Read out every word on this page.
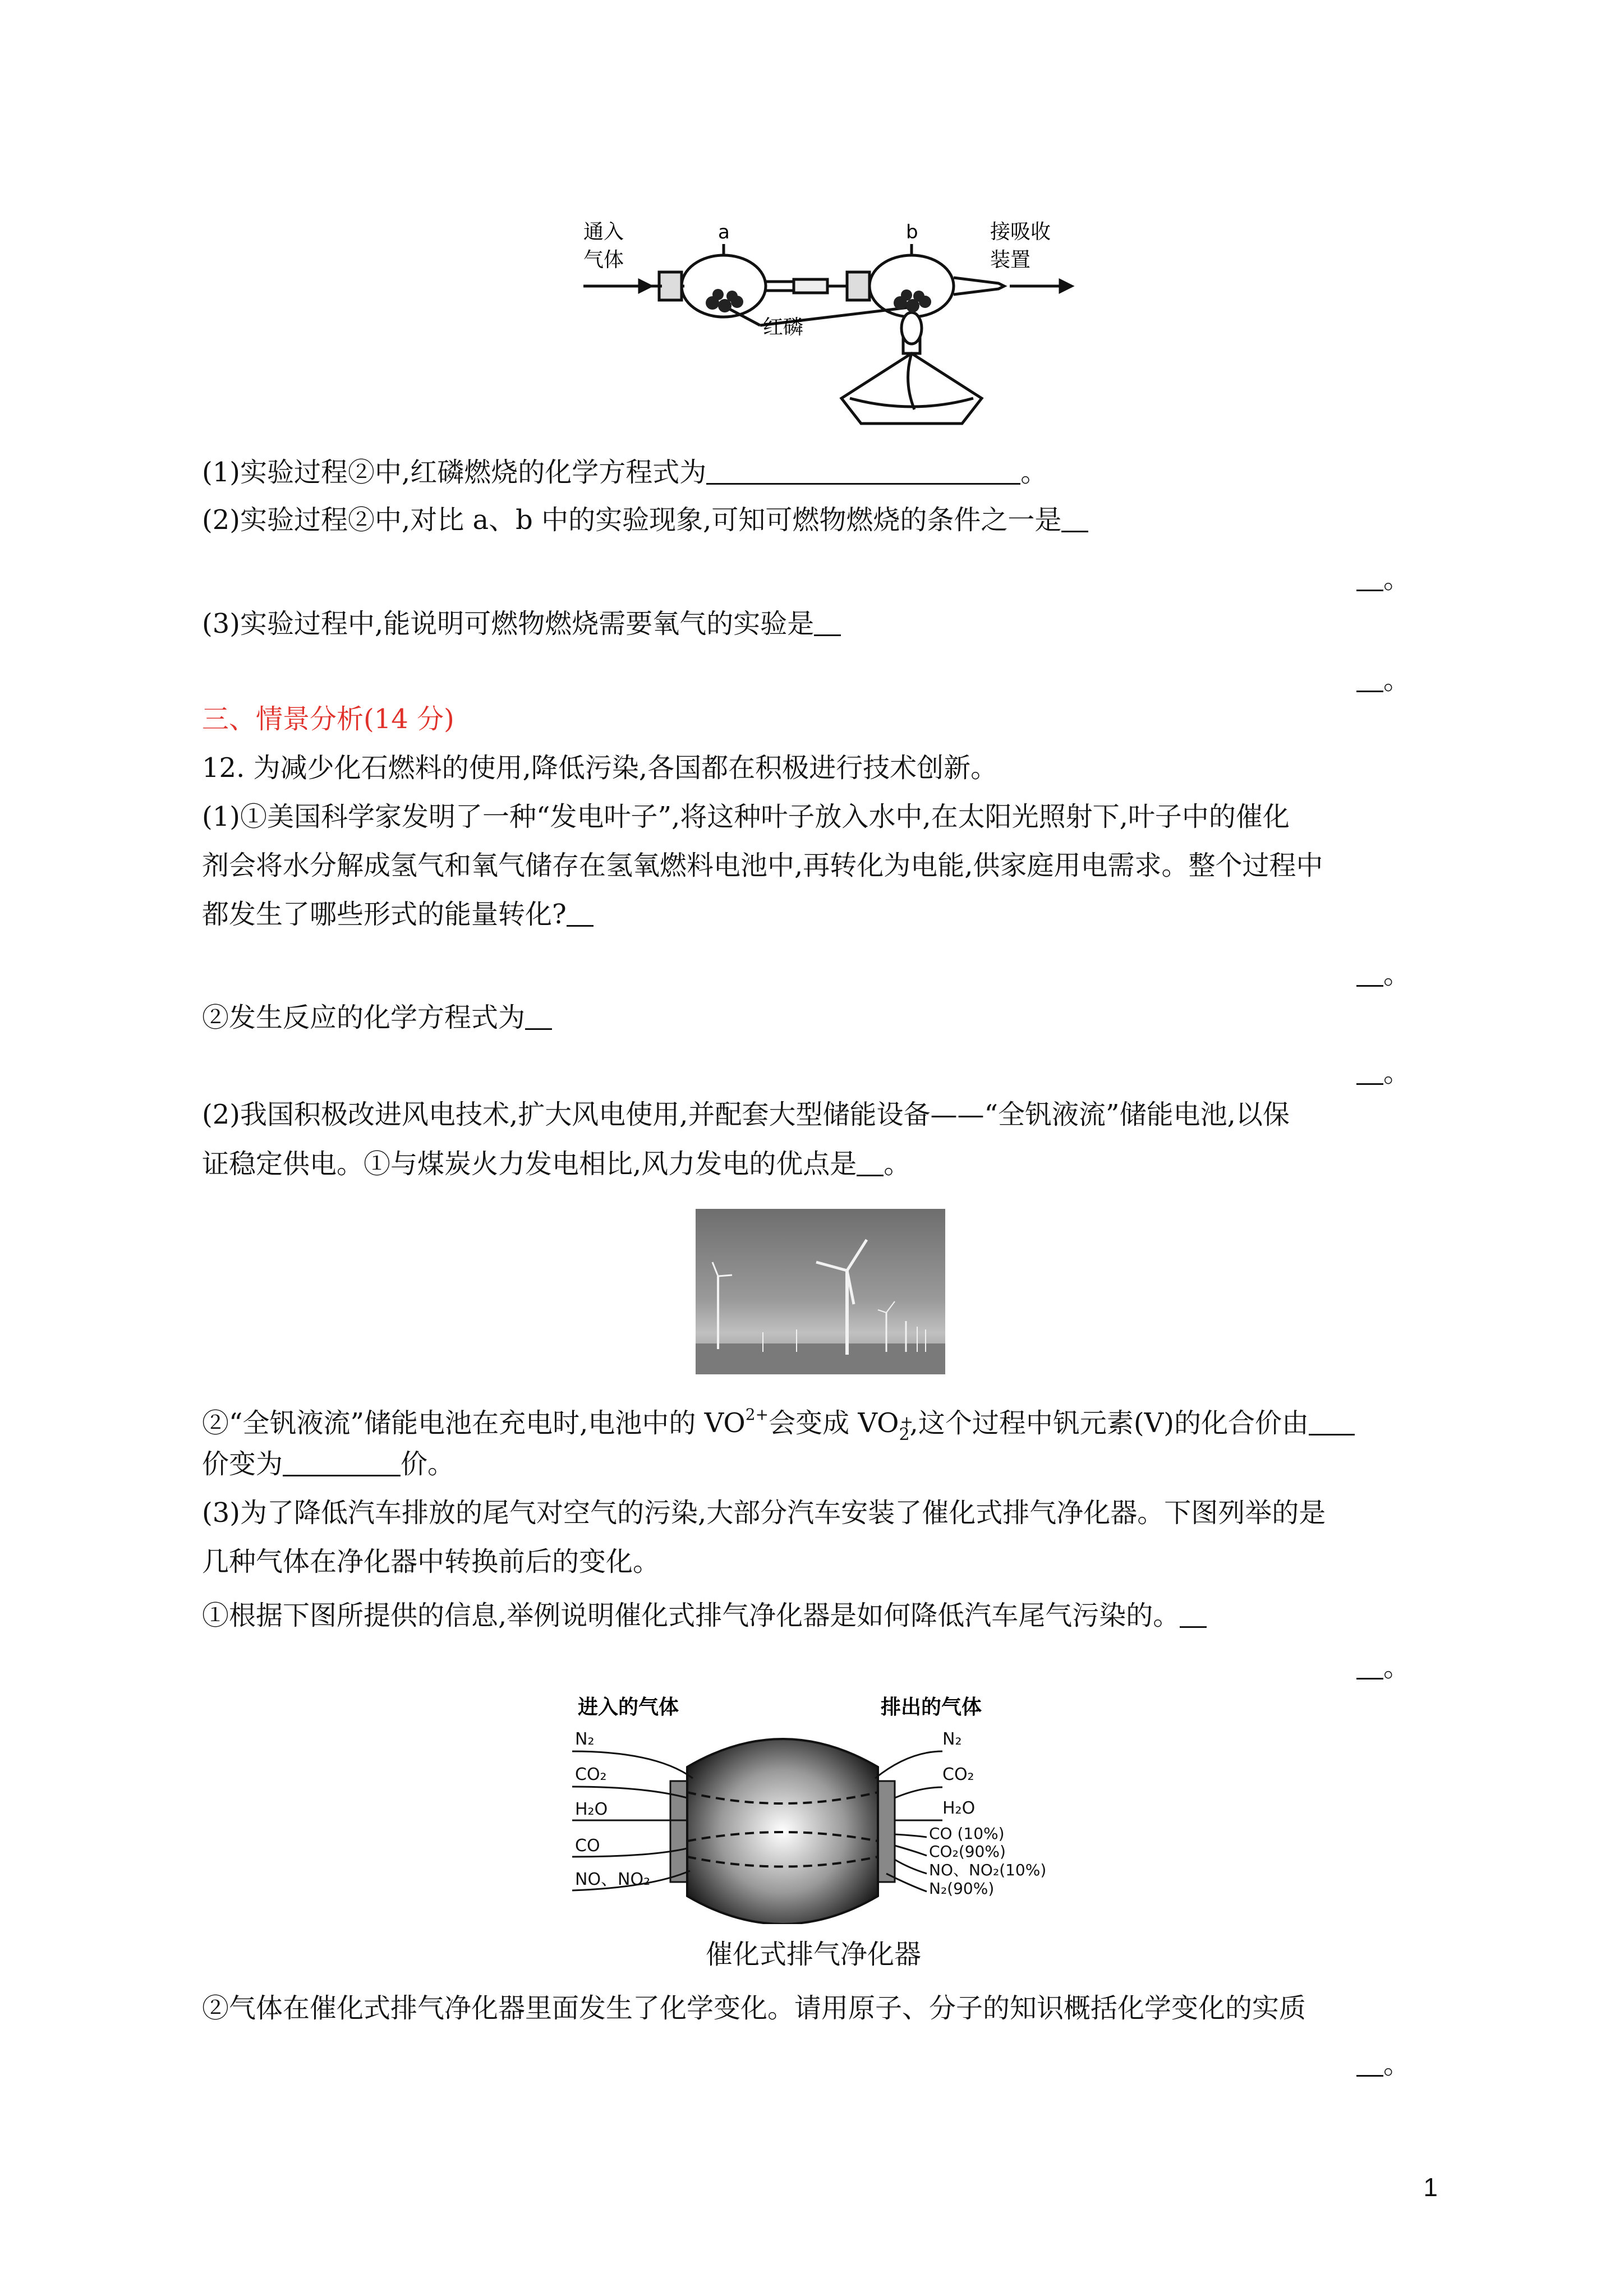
通入
气体
a	b	接吸收
装置
红磷
(1)实验过程②中,红磷燃烧的化学方程式为	。
(2)实验过程②中,对比 a、b 中的实验现象,可知可燃物燃烧的条件之一是
。
(3)实验过程中,能说明可燃物燃烧需要氧气的实验是
。
三、情景分析(14 分)
12. 为减少化石燃料的使用,降低污染,各国都在积极进行技术创新。
(1)①美国科学家发明了一种“发电叶子”,将这种叶子放入水中,在太阳光照射下,叶子中的催化
剂会将水分解成氢气和氧气储存在氢氧燃料电池中,再转化为电能,供家庭用电需求。整个过程中
都发生了哪些形式的能量转化?
。
②发生反应的化学方程式为
。
(2)我国积极改进风电技术,扩大风电使用,并配套大型储能设备——“全钒液流”储能电池,以保
证稳定供电。①与煤炭火力发电相比,风力发电的优点是 。
②“全钒液流”储能电池在充电时,电池中的 $VO^{2+}$会变成 VO +
$_2$,这个过程中钒元素(V)的化合价由
价变为	价。
(3)为了降低汽车排放的尾气对空气的污染,大部分汽车安装了催化式排气净化器。下图列举的是
几种气体在净化器中转换前后的变化。
①根据下图所提供的信息,举例说明催化式排气净化器是如何降低汽车尾气污染的。
。
进入的气体	排出的气体
N₂
CO₂
H₂O
CO
NO、NO₂
N₂
CO₂
H₂O
CO (10%)
CO₂(90%)
NO、NO₂(10%)
N₂(90%)
催化式排气净化器
②气体在催化式排气净化器里面发生了化学变化。请用原子、分子的知识概括化学变化的实质
。
1
